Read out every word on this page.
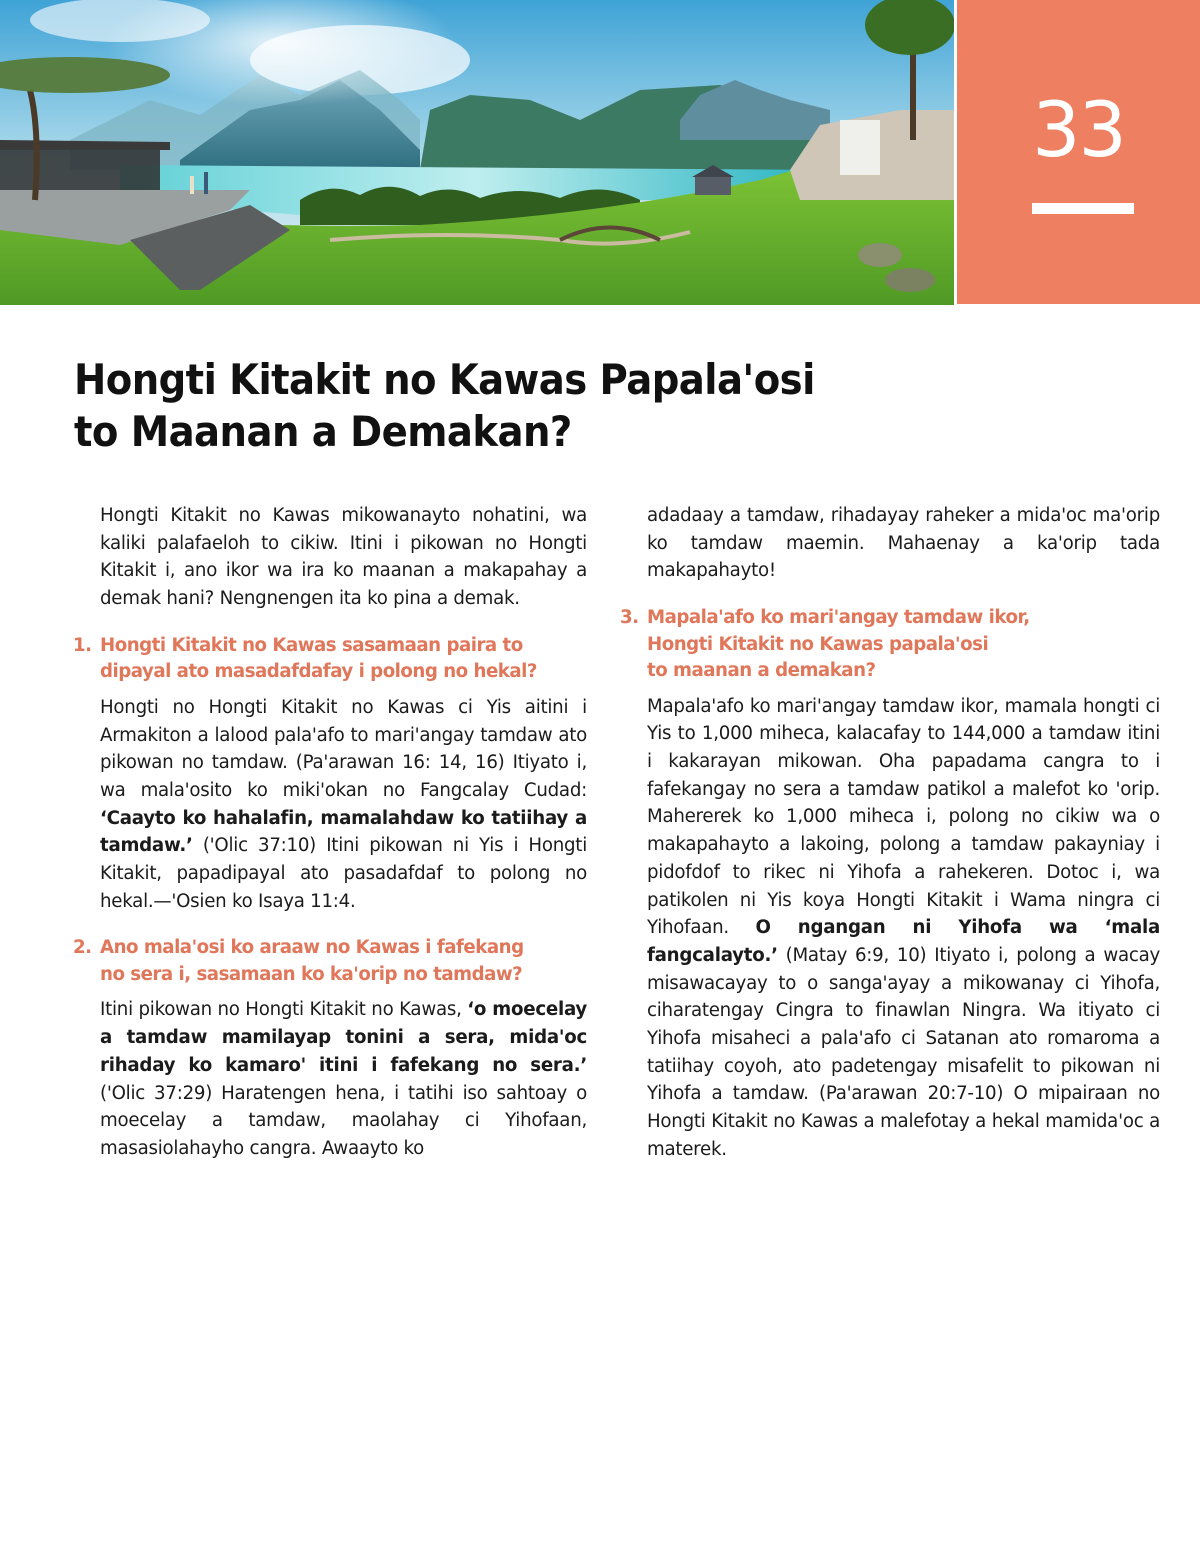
33
Hongti Kitakit no Kawas Papala'osi
to Maanan a Demakan?

Hongti Kitakit no Kawas mikowanayto nohatini, wa kaliki palafaeloh to cikiw. Itini i pikowan no Hongti Kitakit i, ano ikor wa ira ko maanan a makapahay a demak hani? Nengnengen ita ko pina a demak.

1. Hongti Kitakit no Kawas sasamaan paira to
dipayal ato masadafdafay i polong no hekal?

Hongti no Hongti Kitakit no Kawas ci Yis aitini i Armakiton a lalood pala'afo to mari'angay tamdaw ato pikowan no tamdaw. (Pa'arawan 16: 14, 16) Itiyato i, wa mala'osito ko miki'okan no Fangcalay Cudad: ‘Caayto ko hahalafin, mamalahdaw ko tatiihay a tamdaw.’ ('Olic 37:10) Itini pikowan ni Yis i Hongti Kitakit, papadipayal ato pasadafdaf to polong no hekal.—'Osien ko Isaya 11:4.

2. Ano mala'osi ko araaw no Kawas i fafekang
no sera i, sasamaan ko ka'orip no tamdaw?

Itini pikowan no Hongti Kitakit no Kawas, ‘o moecelay a tamdaw mamilayap tonini a sera, mida'oc rihaday ko kamaro' itini i fafekang no sera.’ ('Olic 37:29) Haratengen hena, i tatihi iso sahtoay o moecelay a tamdaw, maolahay ci Yihofaan, masasiolahayho cangra. Awaayto ko

adadaay a tamdaw, rihadayay raheker a mida'oc ma'orip ko tamdaw maemin. Mahaenay a ka'orip tada makapahayto!

3. Mapala'afo ko mari'angay tamdaw ikor,
Hongti Kitakit no Kawas papala'osi
to maanan a demakan?

Mapala'afo ko mari'angay tamdaw ikor, mamala hongti ci Yis to 1,000 miheca, kalacafay to 144,000 a tamdaw itini i kakarayan mikowan. Oha papadama cangra to i fafekangay no sera a tamdaw patikol a malefot ko 'orip. Mahererek ko 1,000 miheca i, polong no cikiw wa o makapahayto a lakoing, polong a tamdaw pakayniay i pidofdof to rikec ni Yihofa a rahekeren. Dotoc i, wa patikolen ni Yis koya Hongti Kitakit i Wama ningra ci Yihofaan. O ngangan ni Yihofa wa ‘mala fangcalayto.’ (Matay 6:9, 10) Itiyato i, polong a wacay misawacayay to o sanga'ayay a mikowanay ci Yihofa, ciharatengay Cingra to finawlan Ningra. Wa itiyato ci Yihofa misaheci a pala'afo ci Satanan ato romaroma a tatiihay coyoh, ato padetengay misafelit to pikowan ni Yihofa a tamdaw. (Pa'arawan 20:7-10) O mipairaan no Hongti Kitakit no Kawas a malefotay a hekal mamida'oc a materek.
